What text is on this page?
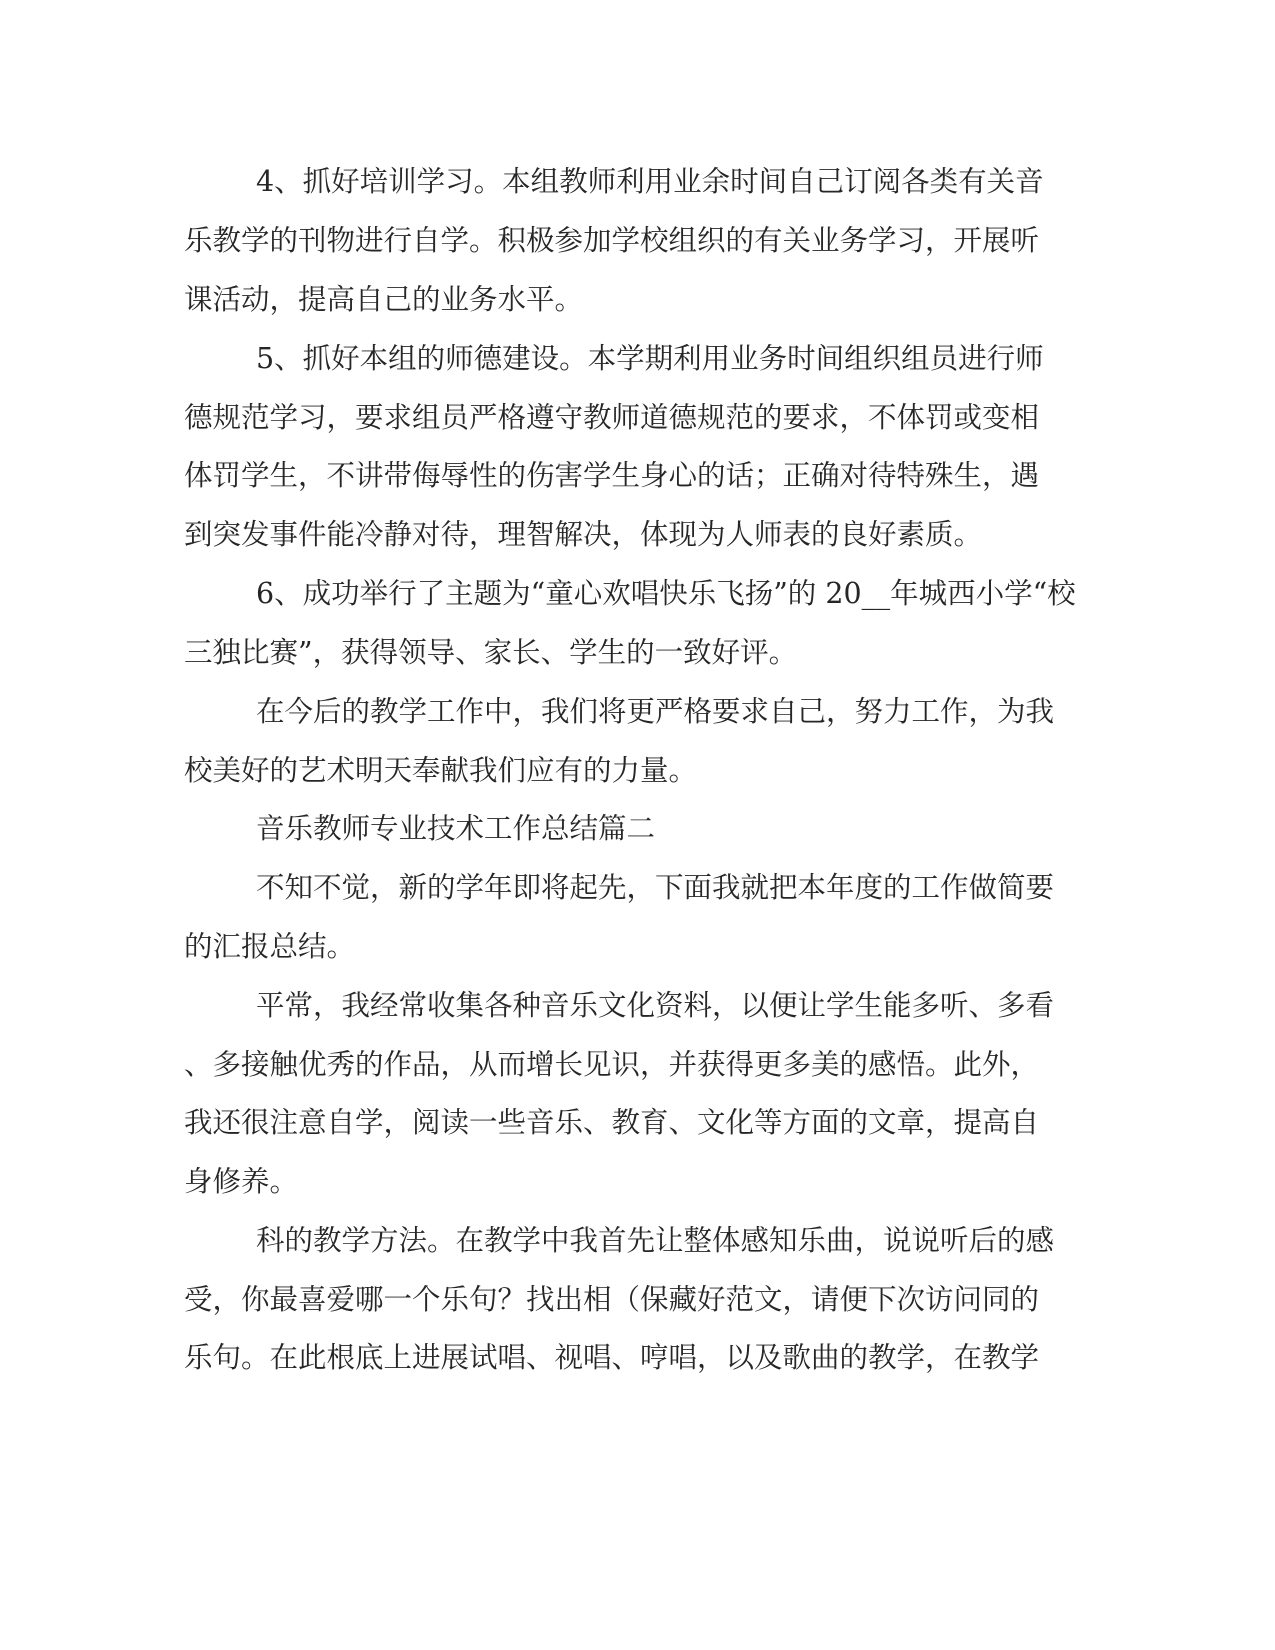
4、抓好培训学习。本组教师利用业余时间自己订阅各类有关音
乐教学的刊物进行自学。积极参加学校组织的有关业务学习，开展听
课活动，提高自己的业务水平。
5、抓好本组的师德建设。本学期利用业务时间组织组员进行师
德规范学习，要求组员严格遵守教师道德规范的要求，不体罚或变相
体罚学生，不讲带侮辱性的伤害学生身心的话；正确对待特殊生，遇
到突发事件能冷静对待，理智解决，体现为人师表的良好素质。
6、成功举行了主题为“童心欢唱快乐飞扬”的 20__年城西小学“校
三独比赛”，获得领导、家长、学生的一致好评。
在今后的教学工作中，我们将更严格要求自己，努力工作，为我
校美好的艺术明天奉献我们应有的力量。
音乐教师专业技术工作总结篇二
不知不觉，新的学年即将起先，下面我就把本年度的工作做简要
的汇报总结。
平常，我经常收集各种音乐文化资料，以便让学生能多听、多看
、多接触优秀的作品，从而增长见识，并获得更多美的感悟。此外，
我还很注意自学，阅读一些音乐、教育、文化等方面的文章，提高自
身修养。
科的教学方法。在教学中我首先让整体感知乐曲，说说听后的感
受，你最喜爱哪一个乐句？找出相（保藏好范文，请便下次访问同的
乐句。在此根底上进展试唱、视唱、哼唱，以及歌曲的教学，在教学
